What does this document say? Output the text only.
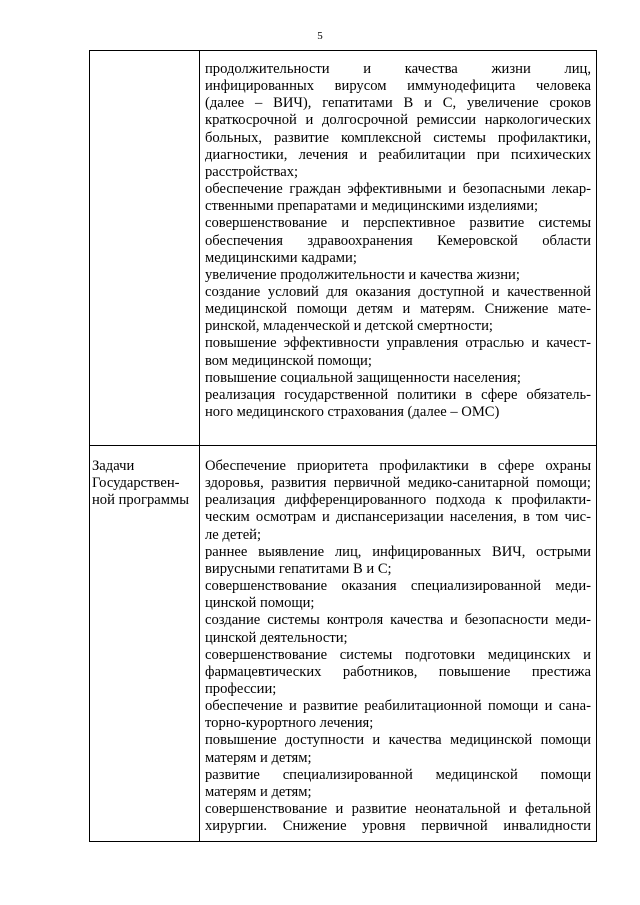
5
продолжительности и качества жизни лиц,
инфицированных вирусом иммунодефицита человека
(далее – ВИЧ), гепатитами В и С, увеличение сроков
краткосрочной и долгосрочной ремиссии наркологических
больных, развитие комплексной системы профилактики,
диагностики, лечения и реабилитации при психических
расстройствах;
обеспечение граждан эффективными и безопасными лекар-
ственными препаратами и медицинскими изделиями;
совершенствование и перспективное развитие системы
обеспечения здравоохранения Кемеровской области
медицинскими кадрами;
увеличение продолжительности и качества жизни;
создание условий для оказания доступной и качественной
медицинской помощи детям и матерям. Снижение мате-
ринской, младенческой и детской смертности;
повышение эффективности управления отраслью и качест-
вом медицинской помощи;
повышение социальной защищенности населения;
реализация государственной политики в сфере обязатель-
ного медицинского страхования (далее – ОМС)
Задачи
Государствен-
ной программы
Обеспечение приоритета профилактики в сфере охраны
здоровья, развития первичной медико-санитарной помощи;
реализация дифференцированного подхода к профилакти-
ческим осмотрам и диспансеризации населения, в том чис-
ле детей;
раннее выявление лиц, инфицированных ВИЧ, острыми
вирусными гепатитами В и С;
совершенствование оказания специализированной меди-
цинской помощи;
создание системы контроля качества и безопасности меди-
цинской деятельности;
совершенствование системы подготовки медицинских и
фармацевтических работников, повышение престижа
профессии;
обеспечение и развитие реабилитационной помощи и сана-
торно-курортного лечения;
повышение доступности и качества медицинской помощи
матерям и детям;
развитие специализированной медицинской помощи
матерям и детям;
совершенствование и развитие неонатальной и фетальной
хирургии. Снижение уровня первичной инвалидности
